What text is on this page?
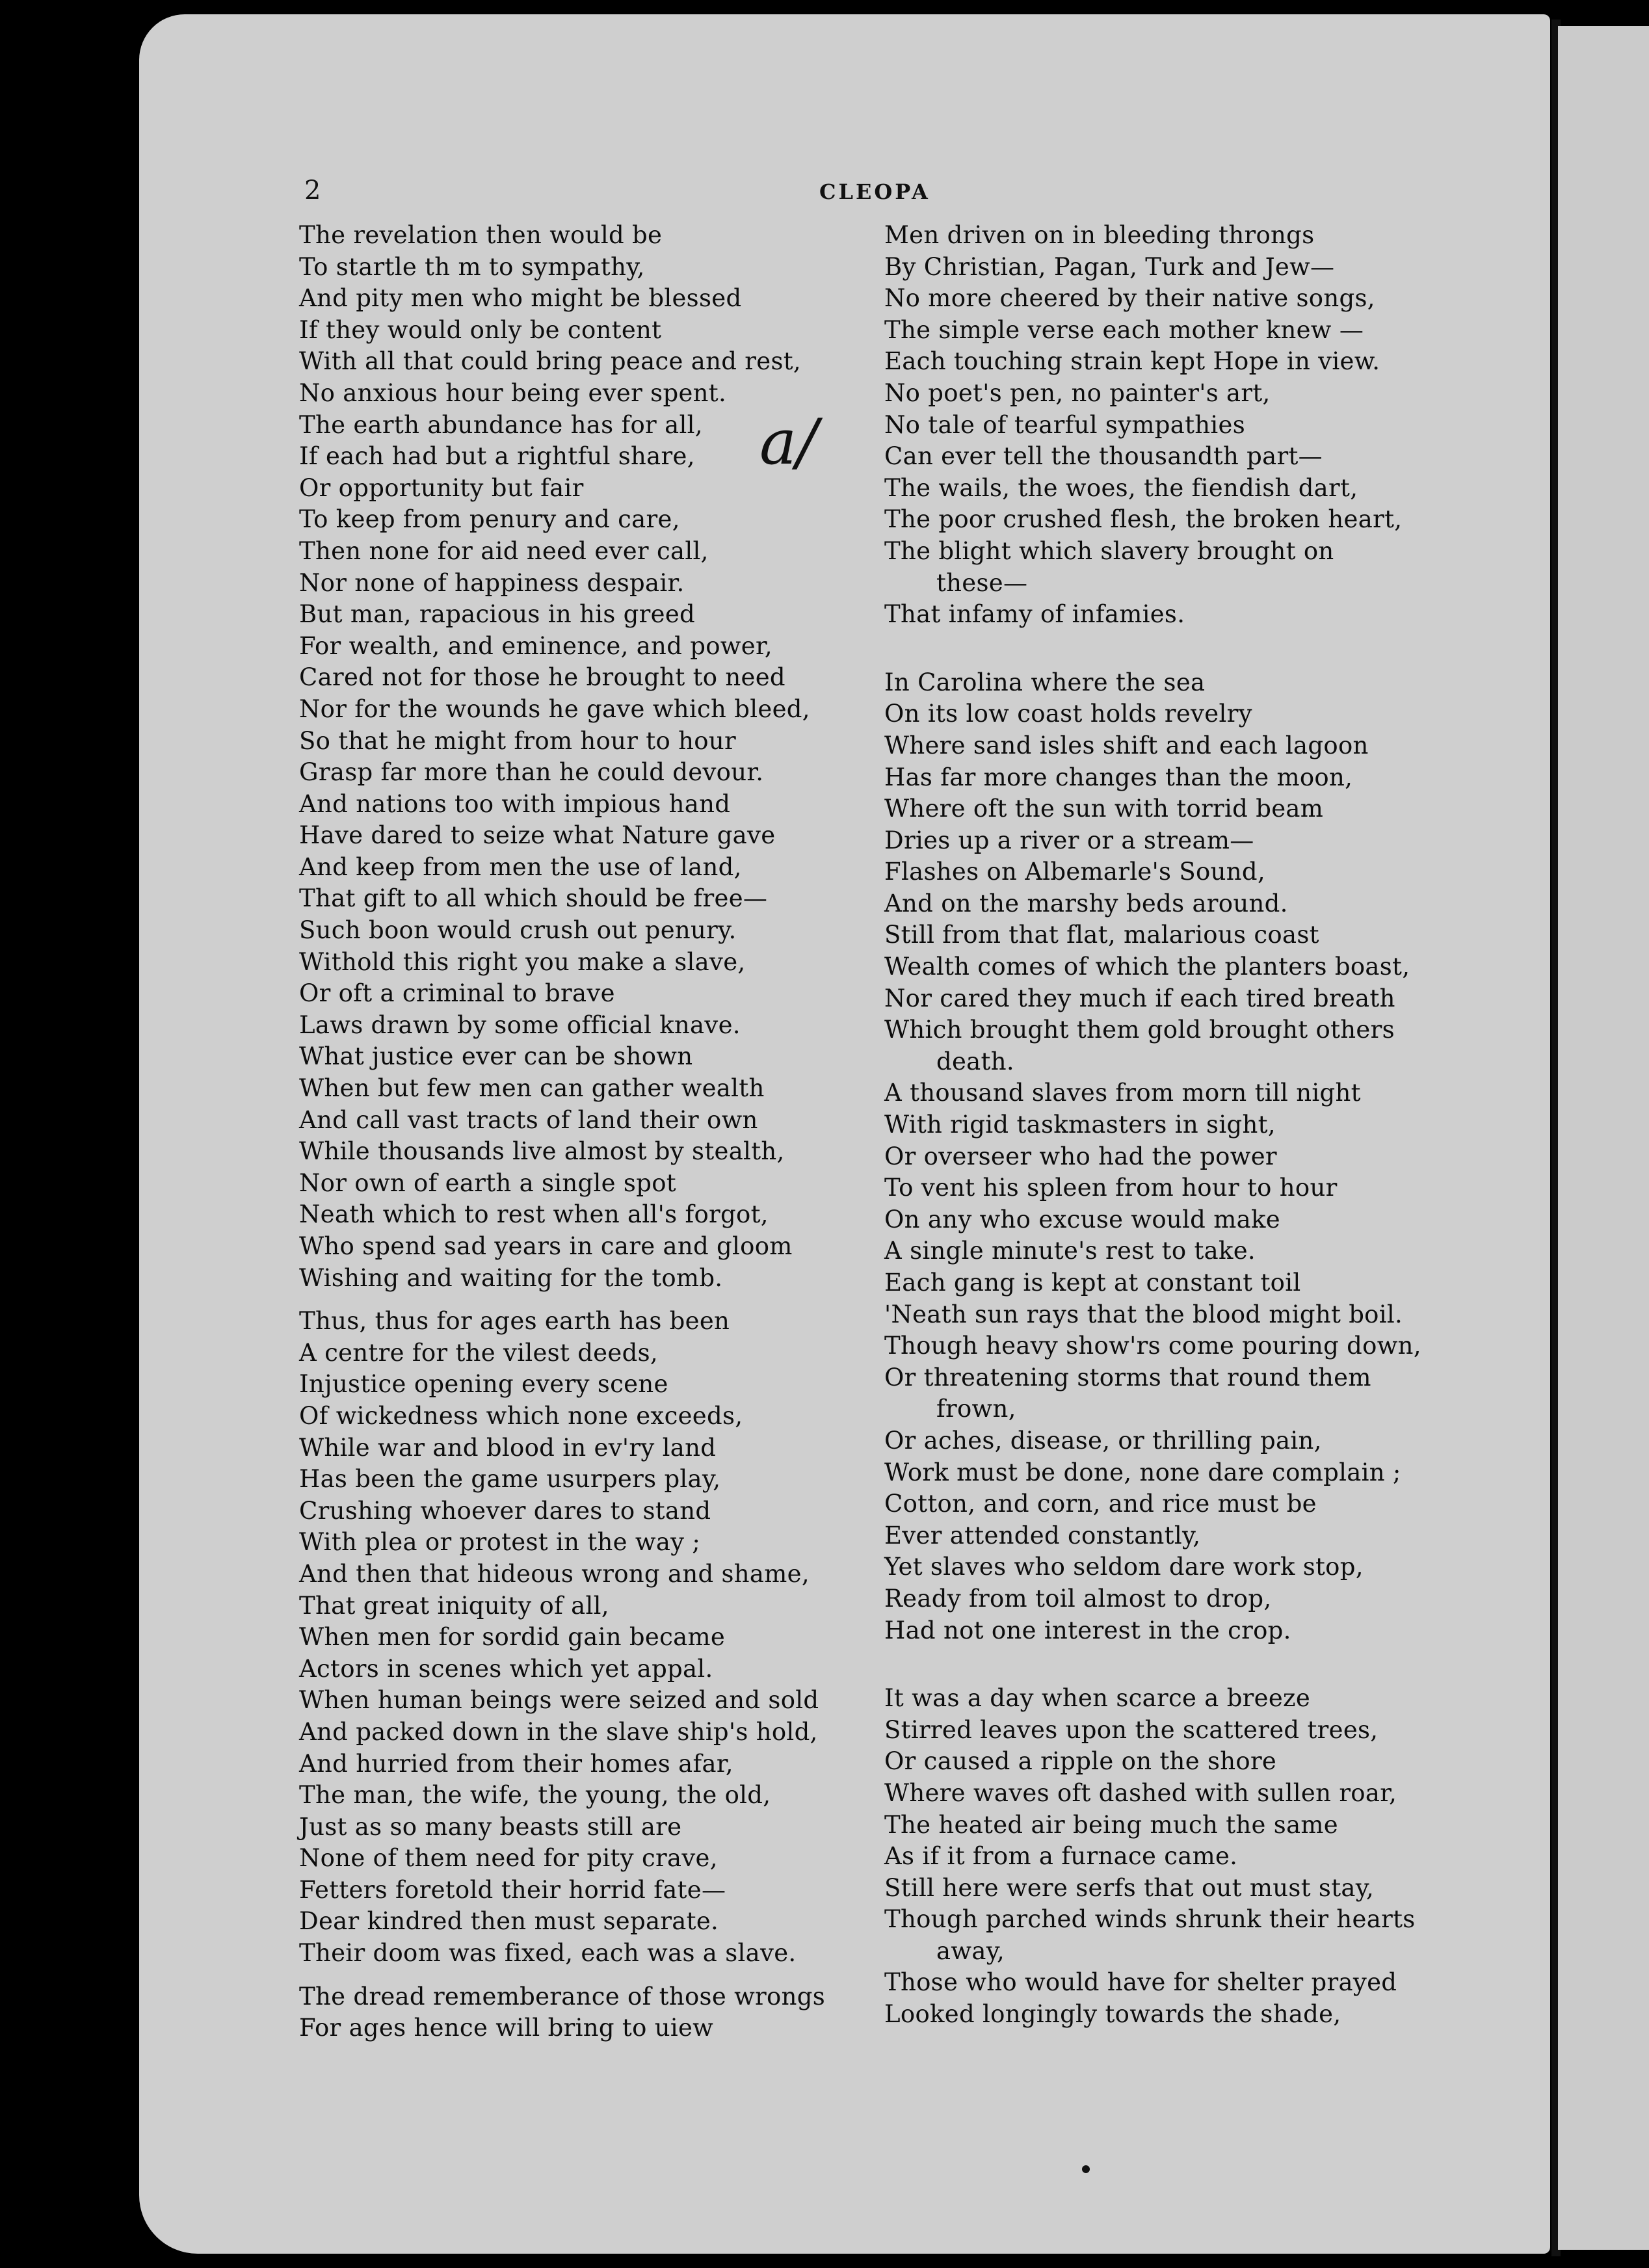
2	CLEOPA
a/
The revelation then would be
To startle th m to sympathy,
And pity men who might be blessed
If they would only be content
With all that could bring peace and rest,
No anxious hour being ever spent.
The earth abundance has for all,
If each had but a rightful share,
Or opportunity but fair
To keep from penury and care,
Then none for aid need ever call,
Nor none of happiness despair.
But man, rapacious in his greed
For wealth, and eminence, and power,
Cared not for those he brought to need
Nor for the wounds he gave which bleed,
So that he might from hour to hour
Grasp far more than he could devour.
And nations too with impious hand
Have dared to seize what Nature gave
And keep from men the use of land,
That gift to all which should be free—
Such boon would crush out penury.
Withold this right you make a slave,
Or oft a criminal to brave
Laws drawn by some official knave.
What justice ever can be shown
When but few men can gather wealth
And call vast tracts of land their own
While thousands live almost by stealth,
Nor own of earth a single spot
Neath which to rest when all's forgot,
Who spend sad years in care and gloom
Wishing and waiting for the tomb.
Thus, thus for ages earth has been
A centre for the vilest deeds,
Injustice opening every scene
Of wickedness which none exceeds,
While war and blood in ev'ry land
Has been the game usurpers play,
Crushing whoever dares to stand
With plea or protest in the way ;
And then that hideous wrong and shame,
That great iniquity of all,
When men for sordid gain became
Actors in scenes which yet appal.
When human beings were seized and sold
And packed down in the slave ship's hold,
And hurried from their homes afar,
The man, the wife, the young, the old,
Just as so many beasts still are
None of them need for pity crave,
Fetters foretold their horrid fate—
Dear kindred then must separate.
Their doom was fixed, each was a slave.
The dread rememberance of those wrongs
For ages hence will bring to uiew
Men driven on in bleeding throngs
By Christian, Pagan, Turk and Jew—
No more cheered by their native songs,
The simple verse each mother knew —
Each touching strain kept Hope in view.
No poet's pen, no painter's art,
No tale of tearful sympathies
Can ever tell the thousandth part—
The wails, the woes, the fiendish dart,
The poor crushed flesh, the broken heart,
The blight which slavery brought on
these—
That infamy of infamies.
In Carolina where the sea
On its low coast holds revelry
Where sand isles shift and each lagoon
Has far more changes than the moon,
Where oft the sun with torrid beam
Dries up a river or a stream—
Flashes on Albemarle's Sound,
And on the marshy beds around.
Still from that flat, malarious coast
Wealth comes of which the planters boast,
Nor cared they much if each tired breath
Which brought them gold brought others
death.
A thousand slaves from morn till night
With rigid taskmasters in sight,
Or overseer who had the power
To vent his spleen from hour to hour
On any who excuse would make
A single minute's rest to take.
Each gang is kept at constant toil
'Neath sun rays that the blood might boil.
Though heavy show'rs come pouring down,
Or threatening storms that round them
frown,
Or aches, disease, or thrilling pain,
Work must be done, none dare complain ;
Cotton, and corn, and rice must be
Ever attended constantly,
Yet slaves who seldom dare work stop,
Ready from toil almost to drop,
Had not one interest in the crop.
It was a day when scarce a breeze
Stirred leaves upon the scattered trees,
Or caused a ripple on the shore
Where waves oft dashed with sullen roar,
The heated air being much the same
As if it from a furnace came.
Still here were serfs that out must stay,
Though parched winds shrunk their hearts
away,
Those who would have for shelter prayed
Looked longingly towards the shade,
